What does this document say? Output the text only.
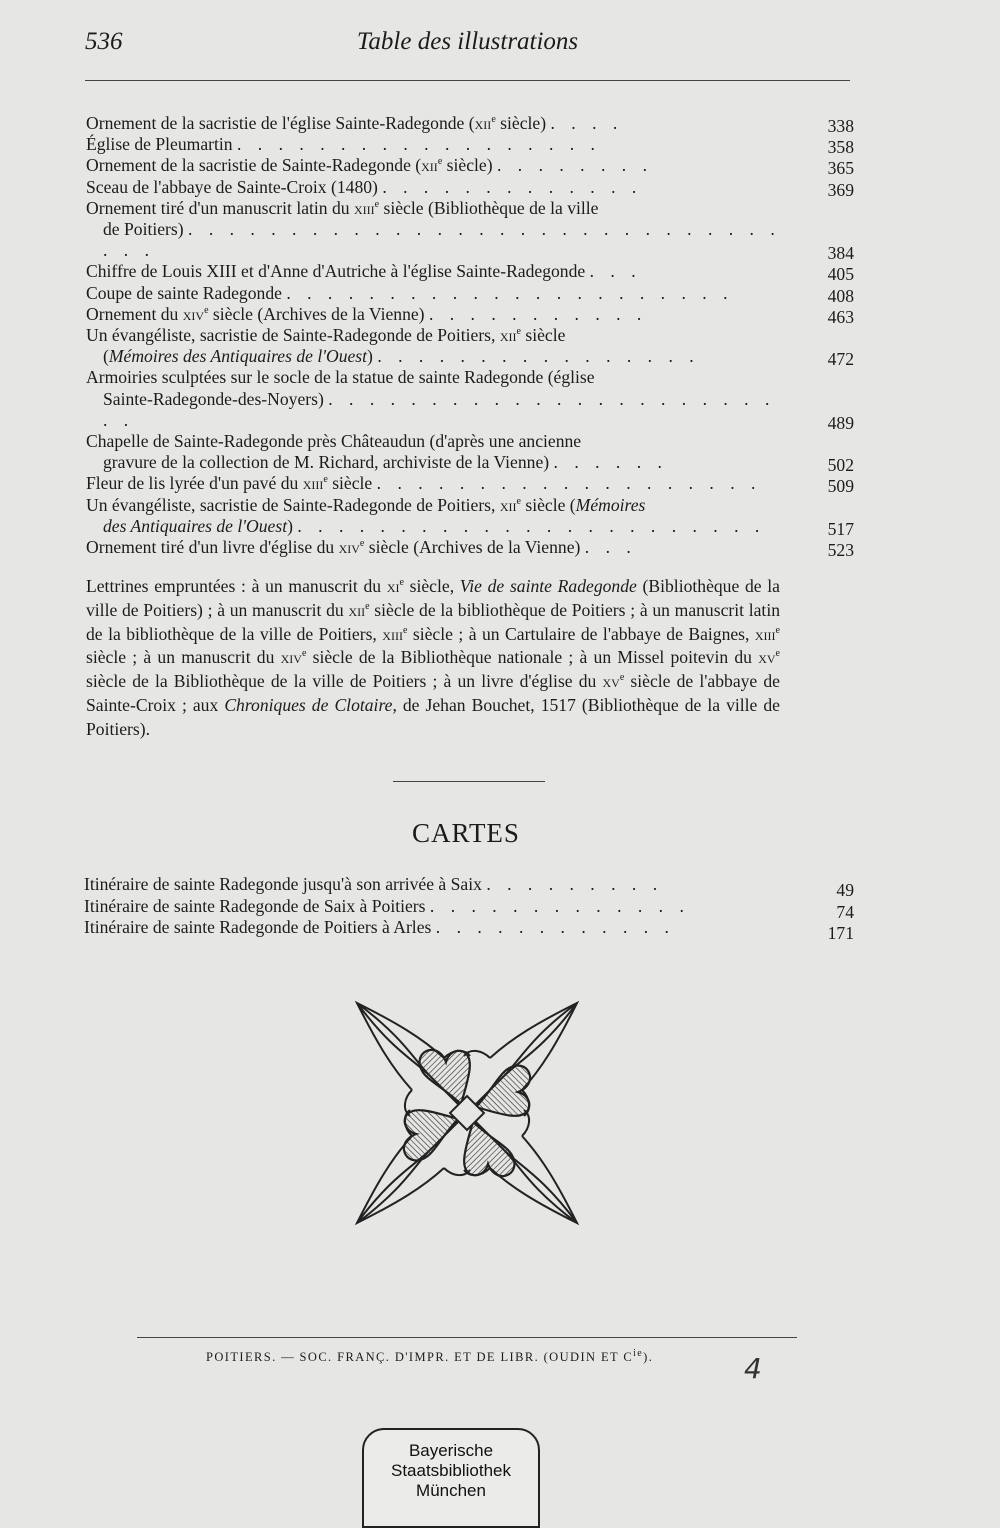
536	Table des illustrations
Ornement de la sacristie de l'église Sainte-Radegonde (xii$^e$ siècle) . . . .	338
Église de Pleumartin . . . . . . . . . . . . . . . . . .	358
Ornement de la sacristie de Sainte-Radegonde (xii$^e$ siècle) . . . . . . . .	365
Sceau de l'abbaye de Sainte-Croix (1480) . . . . . . . . . . . . .	369
Ornement tiré d'un manuscrit latin du xiii$^e$ siècle (Bibliothèque de la ville
de Poitiers) . . . . . . . . . . . . . . . . . . . . . . . . . . . . . . . .	384
Chiffre de Louis XIII et d'Anne d'Autriche à l'église Sainte-Radegonde . . .	405
Coupe de sainte Radegonde . . . . . . . . . . . . . . . . . . . . . .	408
Ornement du xiv$^e$ siècle (Archives de la Vienne) . . . . . . . . . . .	463
Un évangéliste, sacristie de Sainte-Radegonde de Poitiers, xii$^e$ siècle
(Mémoires des Antiquaires de l'Ouest) . . . . . . . . . . . . . . . .	472
Armoiries sculptées sur le socle de la statue de sainte Radegonde (église
Sainte-Radegonde-des-Noyers) . . . . . . . . . . . . . . . . . . . . . . . .	489
Chapelle de Sainte-Radegonde près Châteaudun (d'après une ancienne
gravure de la collection de M. Richard, archiviste de la Vienne) . . . . . .	502
Fleur de lis lyrée d'un pavé du xiii$^e$ siècle . . . . . . . . . . . . . . . . . . .	509
Un évangéliste, sacristie de Sainte-Radegonde de Poitiers, xii$^e$ siècle (Mémoires
des Antiquaires de l'Ouest) . . . . . . . . . . . . . . . . . . . . . . .	517
Ornement tiré d'un livre d'église du xiv$^e$ siècle (Archives de la Vienne) . . .	523

Lettrines empruntées : à un manuscrit du $xi^e$ siècle, Vie de sainte Radegonde (Bibliothèque de la ville de Poitiers) ; à un manuscrit du xii$^e$ siècle de la bibliothèque de Poitiers ; à un manuscrit latin de la bibliothèque de la ville de Poitiers, xiii$^e$ siècle ; à un Cartulaire de l'abbaye de Baignes, xiii$^e$ siècle ; à un manuscrit du xiv$^e$ siècle de la Bibliothèque nationale ; à un Missel poitevin du $xv^e$ siècle de la Bibliothèque de la ville de Poitiers ; à un livre d'église du $xv^e$ siècle de l'abbaye de Sainte-Croix ; aux Chroniques de Clotaire, de Jehan Bouchet, 1517 (Bibliothèque de la ville de Poitiers).

CARTES
Itinéraire de sainte Radegonde jusqu'à son arrivée à Saix . . . . . . . . .	49
Itinéraire de sainte Radegonde de Saix à Poitiers . . . . . . . . . . . . .	74
Itinéraire de sainte Radegonde de Poitiers à Arles . . . . . . . . . . . .	171
POITIERS. — SOC. FRANÇ. D'IMPR. ET DE LIBR. (OUDIN ET $C^{ie}$).	4
Bayerische
Staatsbibliothek
München
